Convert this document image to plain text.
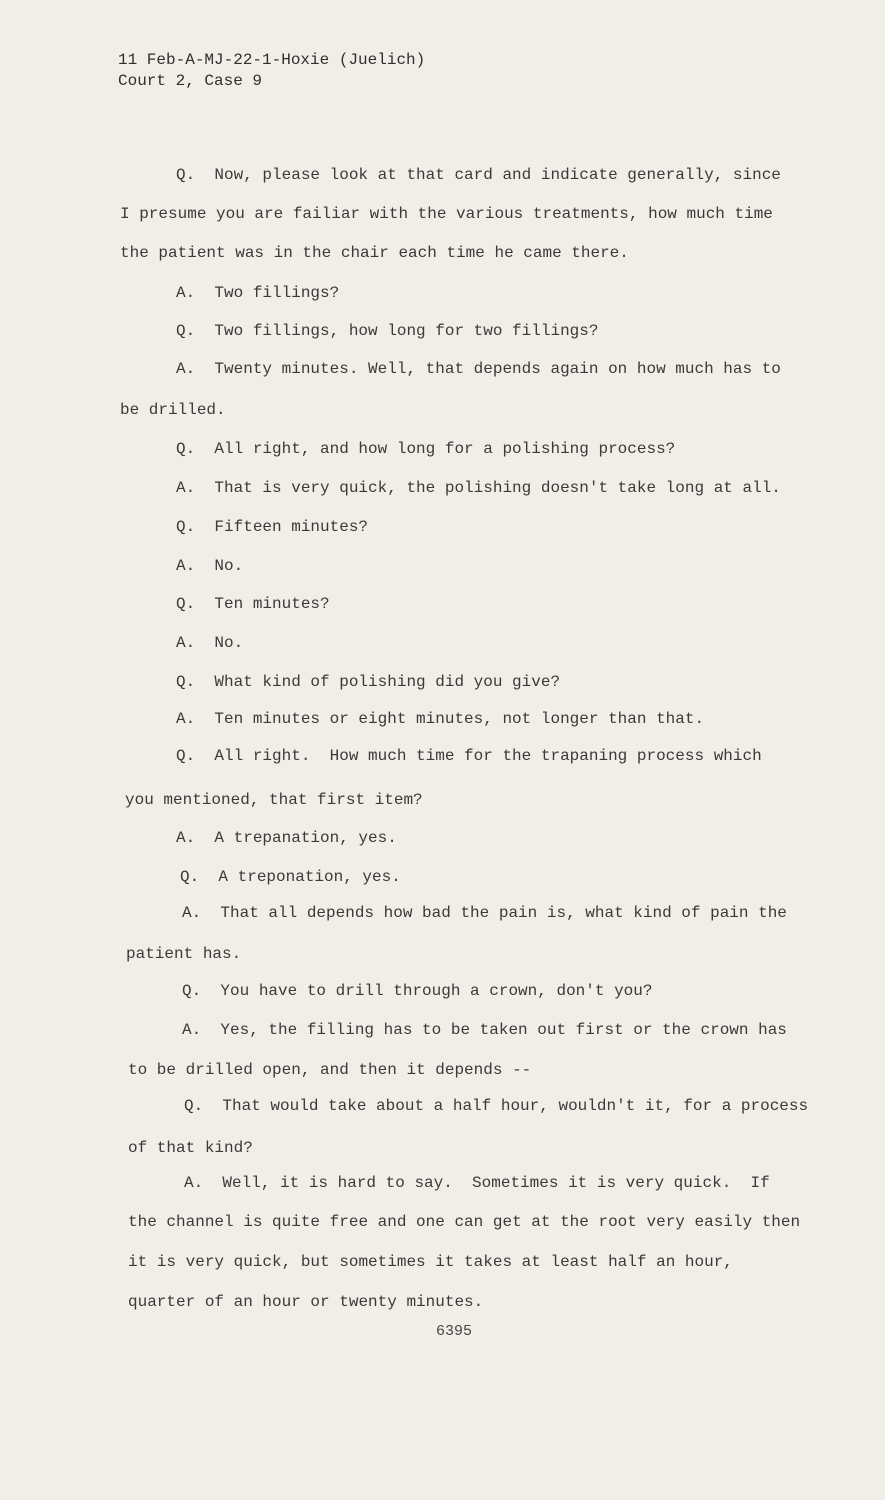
11 Feb-A-MJ-22-1-Hoxie (Juelich)
Court 2, Case 9
Q.  Now, please look at that card and indicate generally, since
I presume you are failiar with the various treatments, how much time
the patient was in the chair each time he came there.
A.  Two fillings?
Q.  Two fillings, how long for two fillings?
A.  Twenty minutes. Well, that depends again on how much has to
be drilled.
Q.  All right, and how long for a polishing process?
A.  That is very quick, the polishing doesn't take long at all.
Q.  Fifteen minutes?
A.  No.
Q.  Ten minutes?
A.  No.
Q.  What kind of polishing did you give?
A.  Ten minutes or eight minutes, not longer than that.
Q.  All right.  How much time for the trapaning process which
you mentioned, that first item?
A.  A trepanation, yes.
Q.  A treponation, yes.
A.  That all depends how bad the pain is, what kind of pain the
patient has.
Q.  You have to drill through a crown, don't you?
A.  Yes, the filling has to be taken out first or the crown has
to be drilled open, and then it depends --
Q.  That would take about a half hour, wouldn't it, for a process
of that kind?
A.  Well, it is hard to say.  Sometimes it is very quick.  If
the channel is quite free and one can get at the root very easily then
it is very quick, but sometimes it takes at least half an hour,
quarter of an hour or twenty minutes.
6395
